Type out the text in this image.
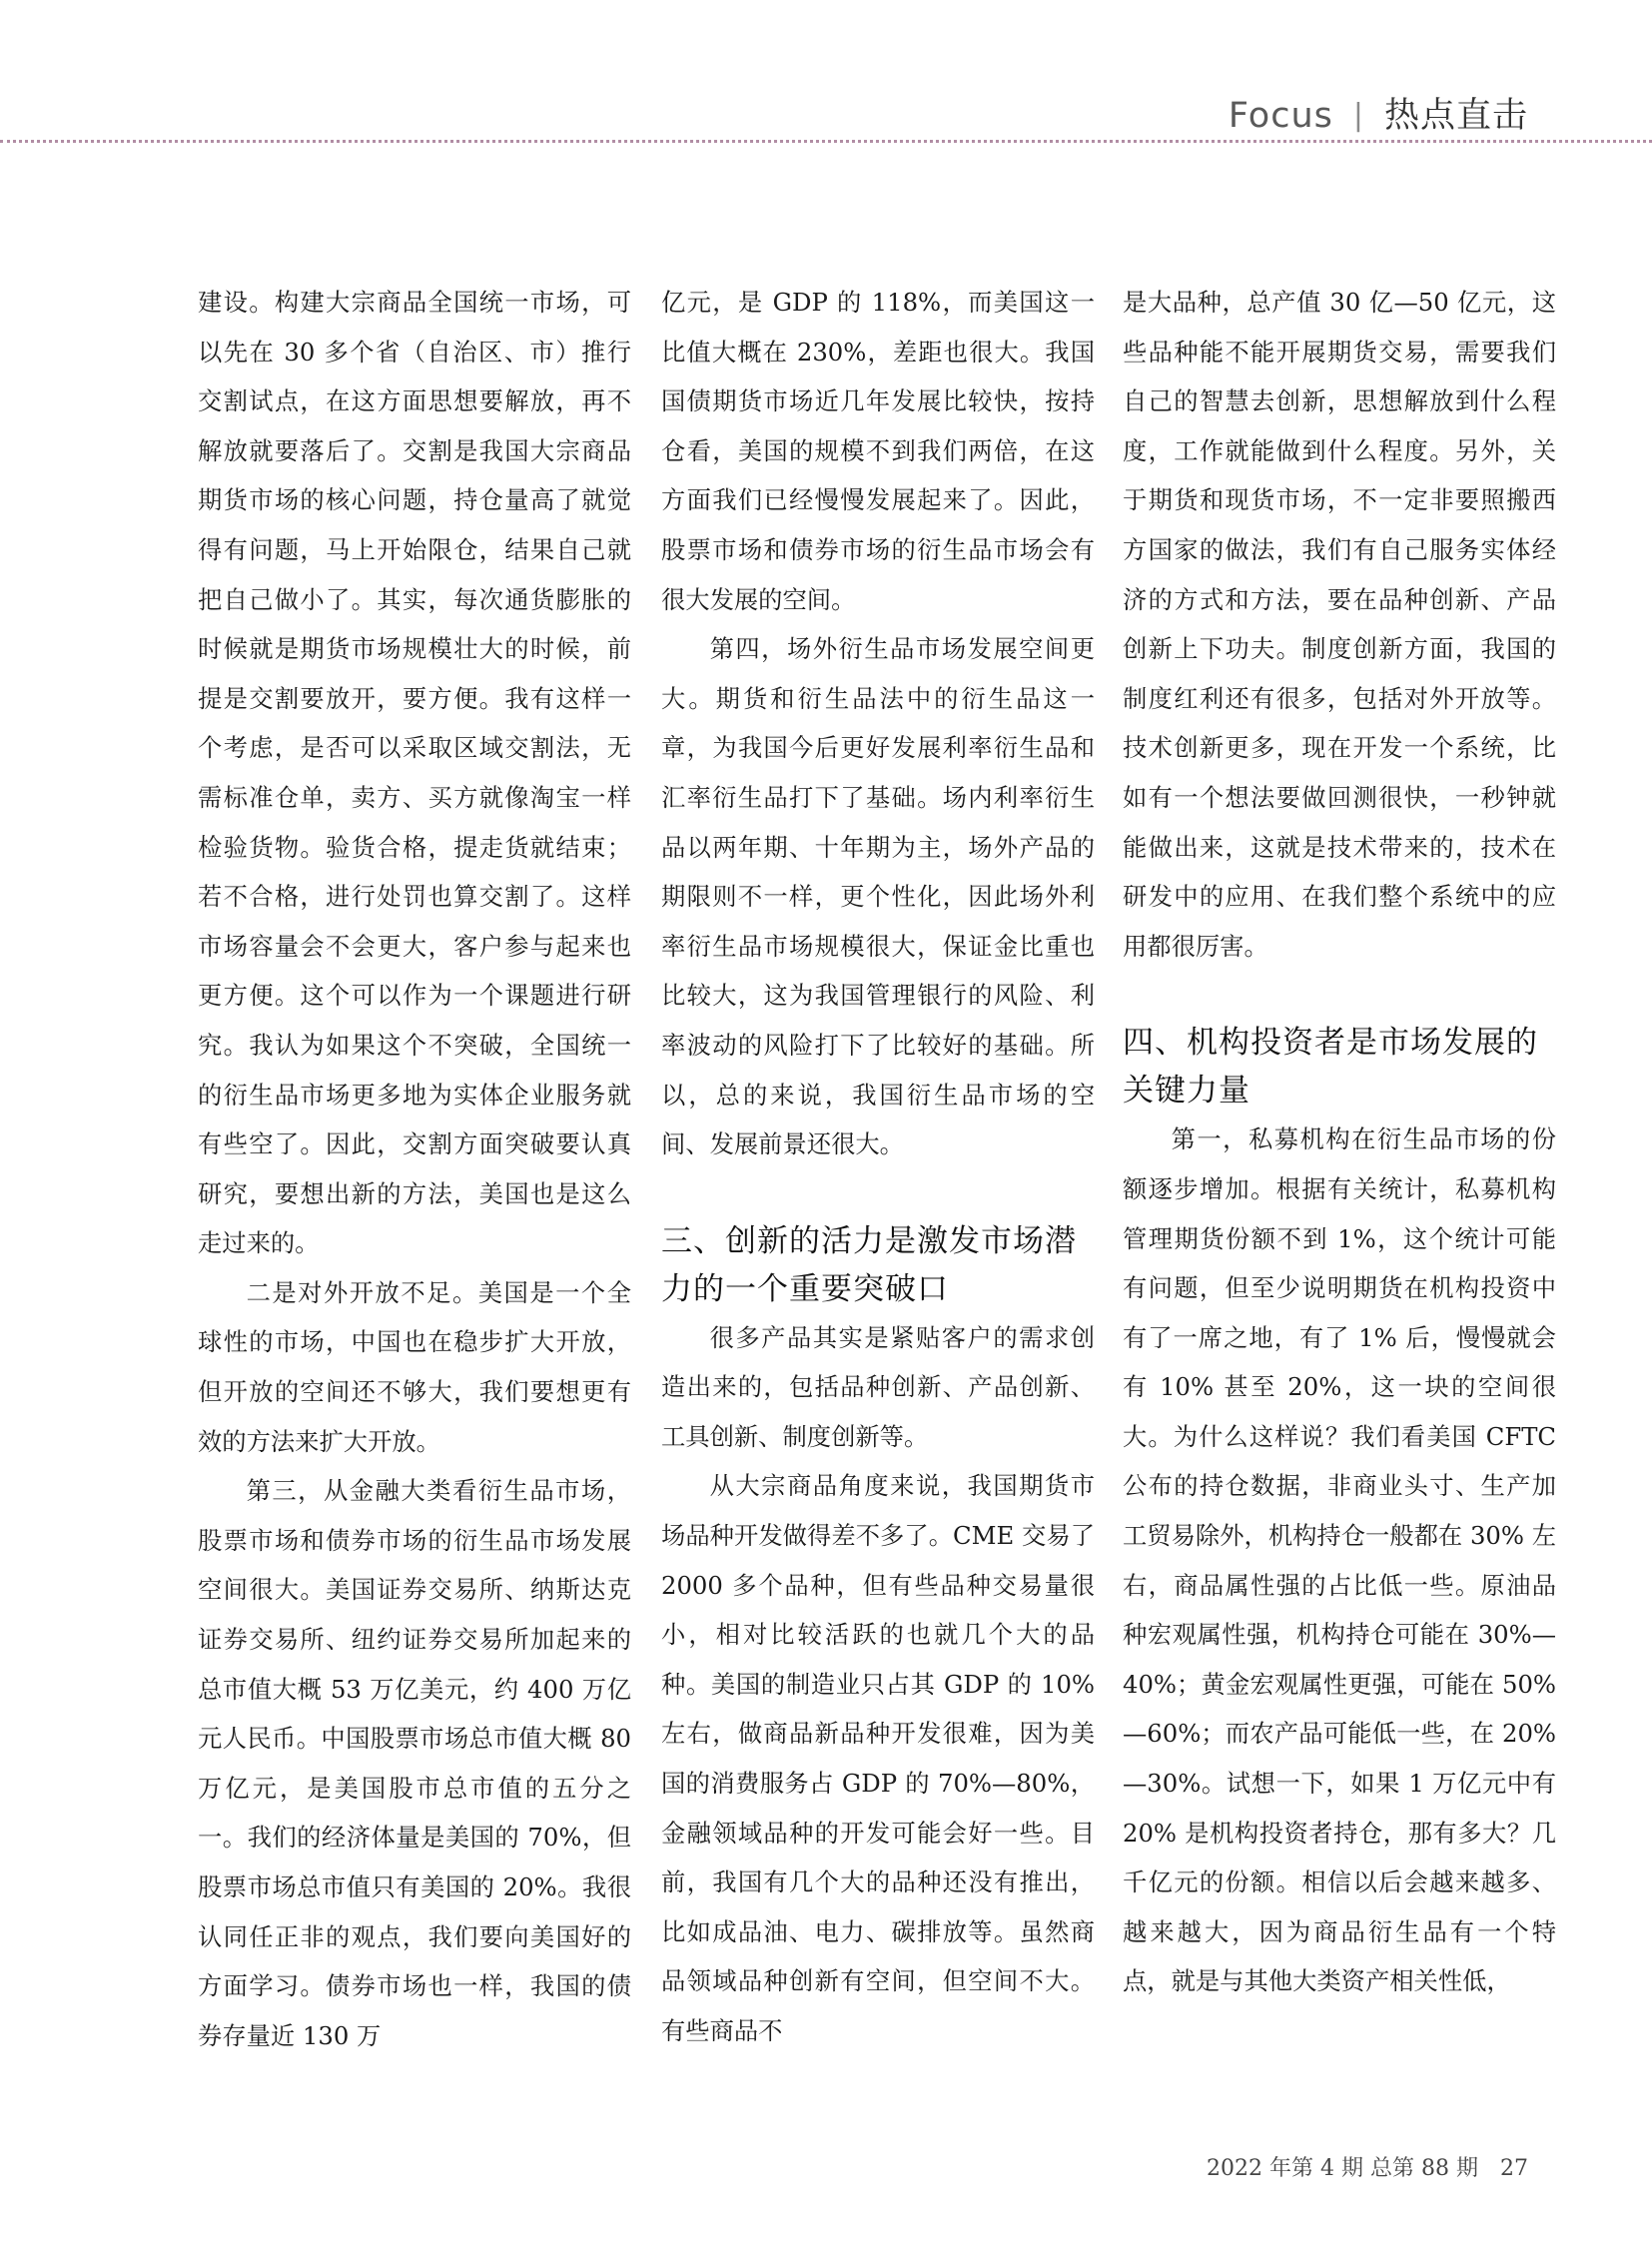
Focus | 热点直击

建设。构建大宗商品全国统一市场，可以先在 30 多个省（自治区、市）推行交割试点，在这方面思想要解放，再不解放就要落后了。交割是我国大宗商品期货市场的核心问题，持仓量高了就觉得有问题，马上开始限仓，结果自己就把自己做小了。其实，每次通货膨胀的时候就是期货市场规模壮大的时候，前提是交割要放开，要方便。我有这样一个考虑，是否可以采取区域交割法，无需标准仓单，卖方、买方就像淘宝一样检验货物。验货合格，提走货就结束；若不合格，进行处罚也算交割了。这样市场容量会不会更大，客户参与起来也更方便。这个可以作为一个课题进行研究。我认为如果这个不突破，全国统一的衍生品市场更多地为实体企业服务就有些空了。因此，交割方面突破要认真研究，要想出新的方法，美国也是这么走过来的。

二是对外开放不足。美国是一个全球性的市场，中国也在稳步扩大开放，但开放的空间还不够大，我们要想更有效的方法来扩大开放。

第三，从金融大类看衍生品市场，股票市场和债券市场的衍生品市场发展空间很大。美国证券交易所、纳斯达克证券交易所、纽约证券交易所加起来的总市值大概 53 万亿美元，约 400 万亿元人民币。中国股票市场总市值大概 80 万亿元，是美国股市总市值的五分之一。我们的经济体量是美国的 70%，但股票市场总市值只有美国的 20%。我很认同任正非的观点，我们要向美国好的方面学习。债券市场也一样，我国的债券存量近 130 万

亿元，是 GDP 的 118%，而美国这一比值大概在 230%，差距也很大。我国国债期货市场近几年发展比较快，按持仓看，美国的规模不到我们两倍，在这方面我们已经慢慢发展起来了。因此，股票市场和债券市场的衍生品市场会有很大发展的空间。

第四，场外衍生品市场发展空间更大。期货和衍生品法中的衍生品这一章，为我国今后更好发展利率衍生品和汇率衍生品打下了基础。场内利率衍生品以两年期、十年期为主，场外产品的期限则不一样，更个性化，因此场外利率衍生品市场规模很大，保证金比重也比较大，这为我国管理银行的风险、利率波动的风险打下了比较好的基础。所以，总的来说，我国衍生品市场的空间、发展前景还很大。

三、创新的活力是激发市场潜力的一个重要突破口

很多产品其实是紧贴客户的需求创造出来的，包括品种创新、产品创新、工具创新、制度创新等。

从大宗商品角度来说，我国期货市场品种开发做得差不多了。CME 交易了 2000 多个品种，但有些品种交易量很小，相对比较活跃的也就几个大的品种。美国的制造业只占其 GDP 的 10% 左右，做商品新品种开发很难，因为美国的消费服务占 GDP 的 70%—80%，金融领域品种的开发可能会好一些。目前，我国有几个大的品种还没有推出，比如成品油、电力、碳排放等。虽然商品领域品种创新有空间，但空间不大。有些商品不

是大品种，总产值 30 亿—50 亿元，这些品种能不能开展期货交易，需要我们自己的智慧去创新，思想解放到什么程度，工作就能做到什么程度。另外，关于期货和现货市场，不一定非要照搬西方国家的做法，我们有自己服务实体经济的方式和方法，要在品种创新、产品创新上下功夫。制度创新方面，我国的制度红利还有很多，包括对外开放等。技术创新更多，现在开发一个系统，比如有一个想法要做回测很快，一秒钟就能做出来，这就是技术带来的，技术在研发中的应用、在我们整个系统中的应用都很厉害。

四、机构投资者是市场发展的关键力量

第一，私募机构在衍生品市场的份额逐步增加。根据有关统计，私募机构管理期货份额不到 1%，这个统计可能有问题，但至少说明期货在机构投资中有了一席之地，有了 1% 后，慢慢就会有 10% 甚至 20%，这一块的空间很大。为什么这样说？我们看美国 CFTC 公布的持仓数据，非商业头寸、生产加工贸易除外，机构持仓一般都在 30% 左右，商品属性强的占比低一些。原油品种宏观属性强，机构持仓可能在 30%—40%；黄金宏观属性更强，可能在 50%—60%；而农产品可能低一些，在 20%—30%。试想一下，如果 1 万亿元中有 20% 是机构投资者持仓，那有多大？几千亿元的份额。相信以后会越来越多、越来越大，因为商品衍生品有一个特点，就是与其他大类资产相关性低，

2022 年第 4 期 总第 88 期 27
